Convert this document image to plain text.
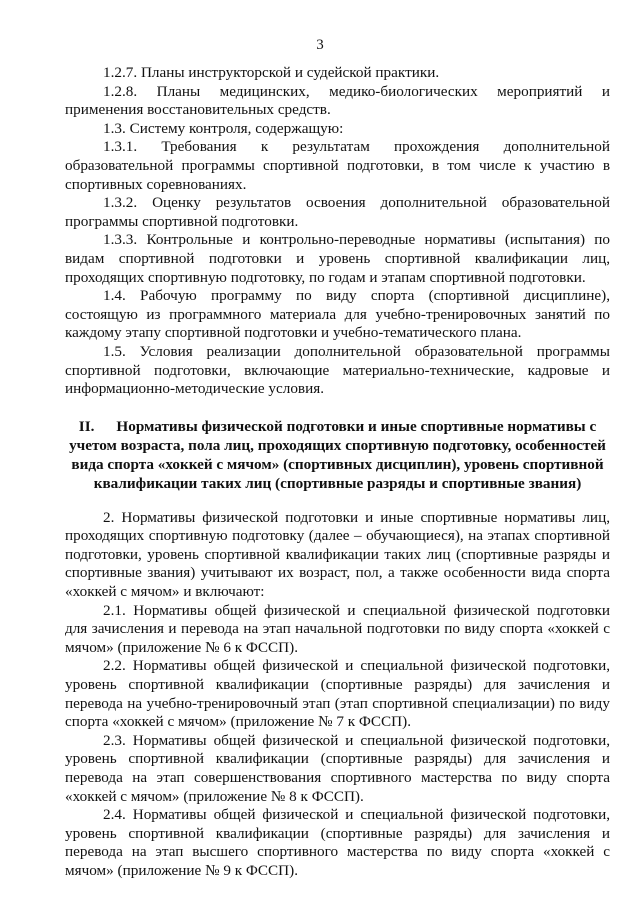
3

1.2.7. Планы инструкторской и судейской практики.

1.2.8. Планы медицинских, медико-биологических мероприятий и применения восстановительных средств.

1.3. Систему контроля, содержащую:

1.3.1. Требования к результатам прохождения дополнительной образовательной программы спортивной подготовки, в том числе к участию в спортивных соревнованиях.

1.3.2. Оценку результатов освоения дополнительной образовательной программы спортивной подготовки.

1.3.3. Контрольные и контрольно-переводные нормативы (испытания) по видам спортивной подготовки и уровень спортивной квалификации лиц, проходящих спортивную подготовку, по годам и этапам спортивной подготовки.

1.4. Рабочую программу по виду спорта (спортивной дисциплине), состоящую из программного материала для учебно-тренировочных занятий по каждому этапу спортивной подготовки и учебно-тематического плана.

1.5. Условия реализации дополнительной образовательной программы спортивной подготовки, включающие материально-технические, кадровые и информационно-методические условия.

II. Нормативы физической подготовки и иные спортивные нормативы с учетом возраста, пола лиц, проходящих спортивную подготовку, особенностей вида спорта «хоккей с мячом» (спортивных дисциплин), уровень спортивной квалификации таких лиц (спортивные разряды и спортивные звания)

2. Нормативы физической подготовки и иные спортивные нормативы лиц, проходящих спортивную подготовку (далее – обучающиеся), на этапах спортивной подготовки, уровень спортивной квалификации таких лиц (спортивные разряды и спортивные звания) учитывают их возраст, пол, а также особенности вида спорта «хоккей с мячом» и включают:

2.1. Нормативы общей физической и специальной физической подготовки для зачисления и перевода на этап начальной подготовки по виду спорта «хоккей с мячом» (приложение № 6 к ФССП).

2.2. Нормативы общей физической и специальной физической подготовки, уровень спортивной квалификации (спортивные разряды) для зачисления и перевода на учебно-тренировочный этап (этап спортивной специализации) по виду спорта «хоккей с мячом» (приложение № 7 к ФССП).

2.3. Нормативы общей физической и специальной физической подготовки, уровень спортивной квалификации (спортивные разряды) для зачисления и перевода на этап совершенствования спортивного мастерства по виду спорта «хоккей с мячом» (приложение № 8 к ФССП).

2.4. Нормативы общей физической и специальной физической подготовки, уровень спортивной квалификации (спортивные разряды) для зачисления и перевода на этап высшего спортивного мастерства по виду спорта «хоккей с мячом» (приложение № 9 к ФССП).
